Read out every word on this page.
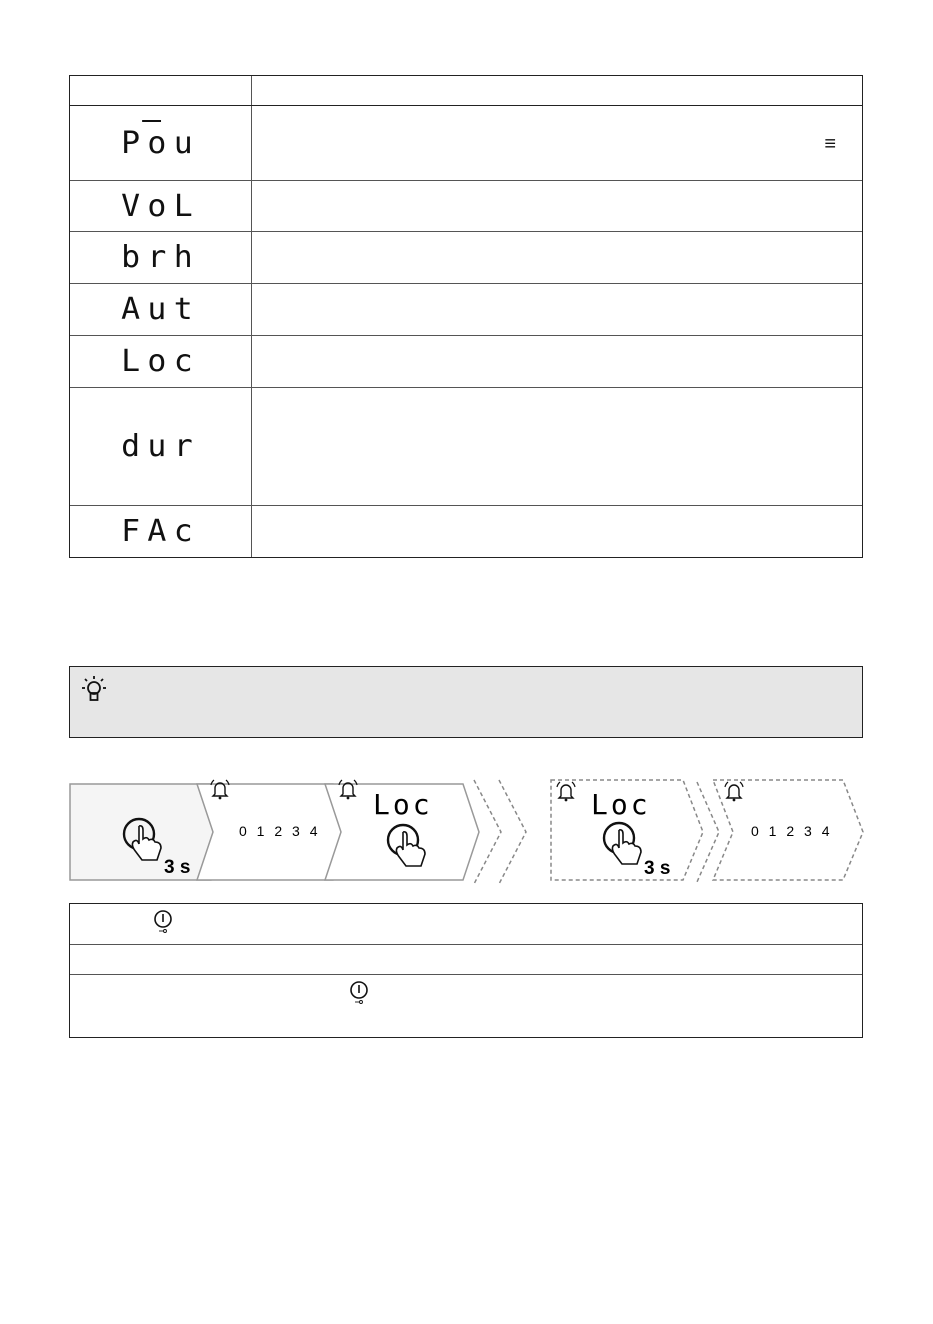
Pou	≡
VoL
brh
Aut
Loc
dur
FAc
3 s
0 1 2 3 4
Loc	Loc
3 s
0 1 2 3 4
